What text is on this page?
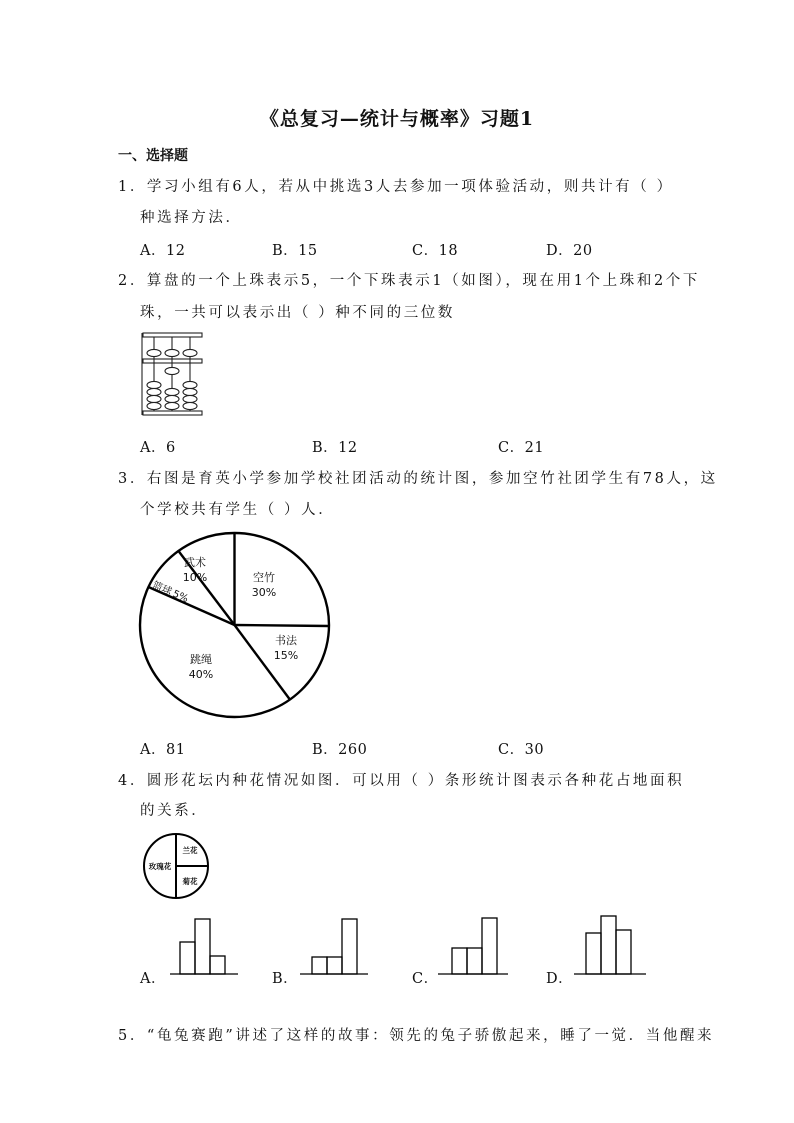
《总复习—统计与概率》习题1
一、选择题
1．学习小组有6人，若从中挑选3人去参加一项体验活动，则共计有（ ）
种选择方法．
A．12	B．15	C．18	D．20
2．算盘的一个上珠表示5，一个下珠表示1（如图），现在用1个上珠和2个下
珠，一共可以表示出（ ）种不同的三位数
A．6	B．12	C．21
3．右图是育英小学参加学校社团活动的统计图，参加空竹社团学生有78人，这
个学校共有学生（ ）人．
武术
10%	空竹
30%
书法
15%
跳绳
40%
篮球
5%
A．81	B．260	C．30
4．圆形花坛内种花情况如图．可以用（ ）条形统计图表示各种花占地面积
的关系．
兰花
玫瑰花
菊花
A．	B．	C．	D．
5．“龟兔赛跑”讲述了这样的故事：领先的兔子骄傲起来，睡了一觉．当他醒来
